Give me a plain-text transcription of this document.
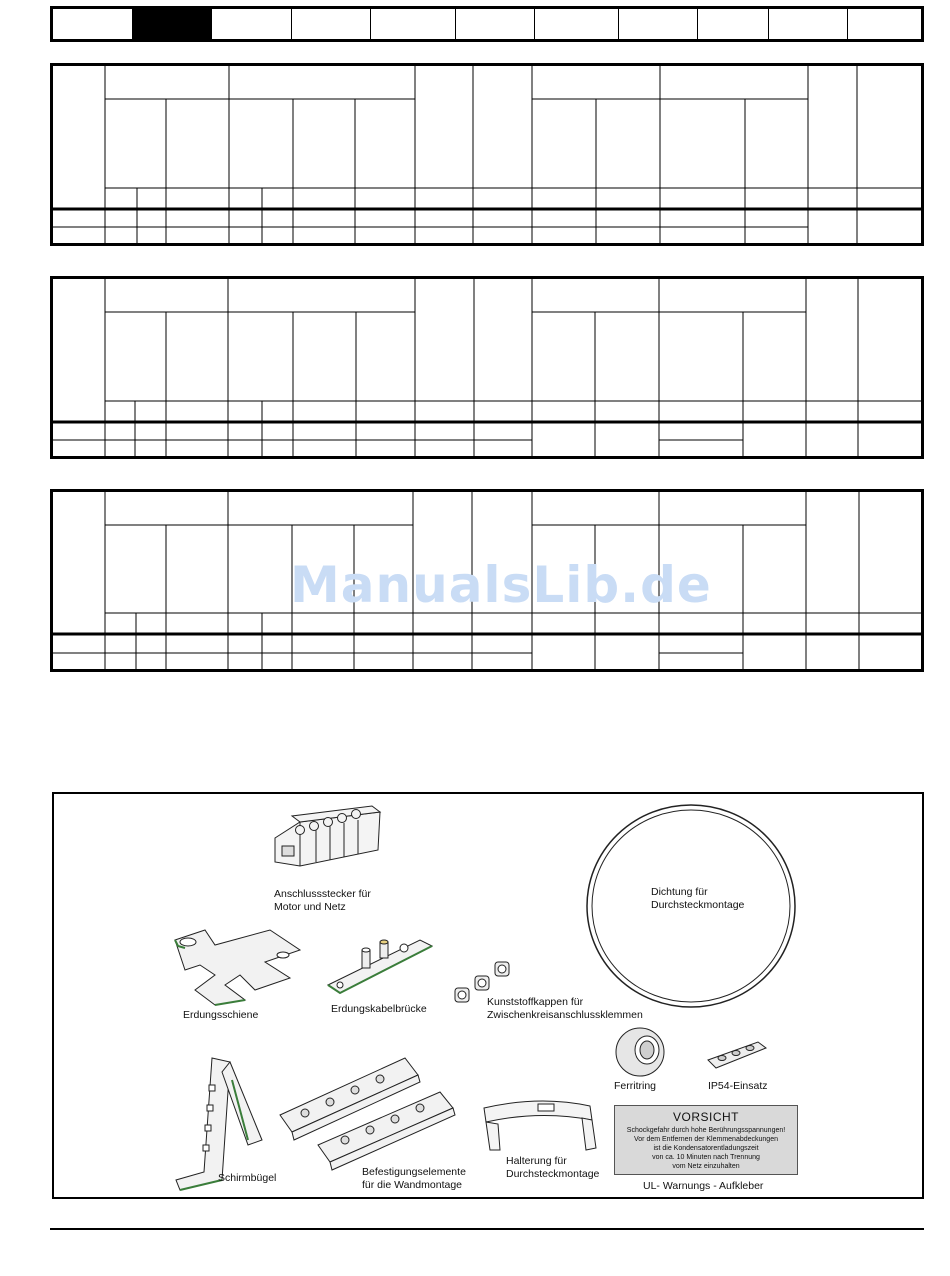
ManualsLib.de
Anschlussstecker für
Motor und Netz
Dichtung für
Durchsteckmontage
Erdungsschiene	Erdungskabelbrücke
Kunststoffkappen für
Zwischenkreisanschlussklemmen
Ferritring	IP54-Einsatz
Schirmbügel	Befestigungselemente
für die Wandmontage
Halterung für
Durchsteckmontage
VORSICHT
Schockgefahr durch hohe Berührungsspannungen!
Vor dem Entfernen der Klemmenabdeckungen
ist die Kondensatorentladungszeit
von ca. 10 Minuten nach Trennung
vom Netz einzuhalten
UL- Warnungs - Aufkleber
